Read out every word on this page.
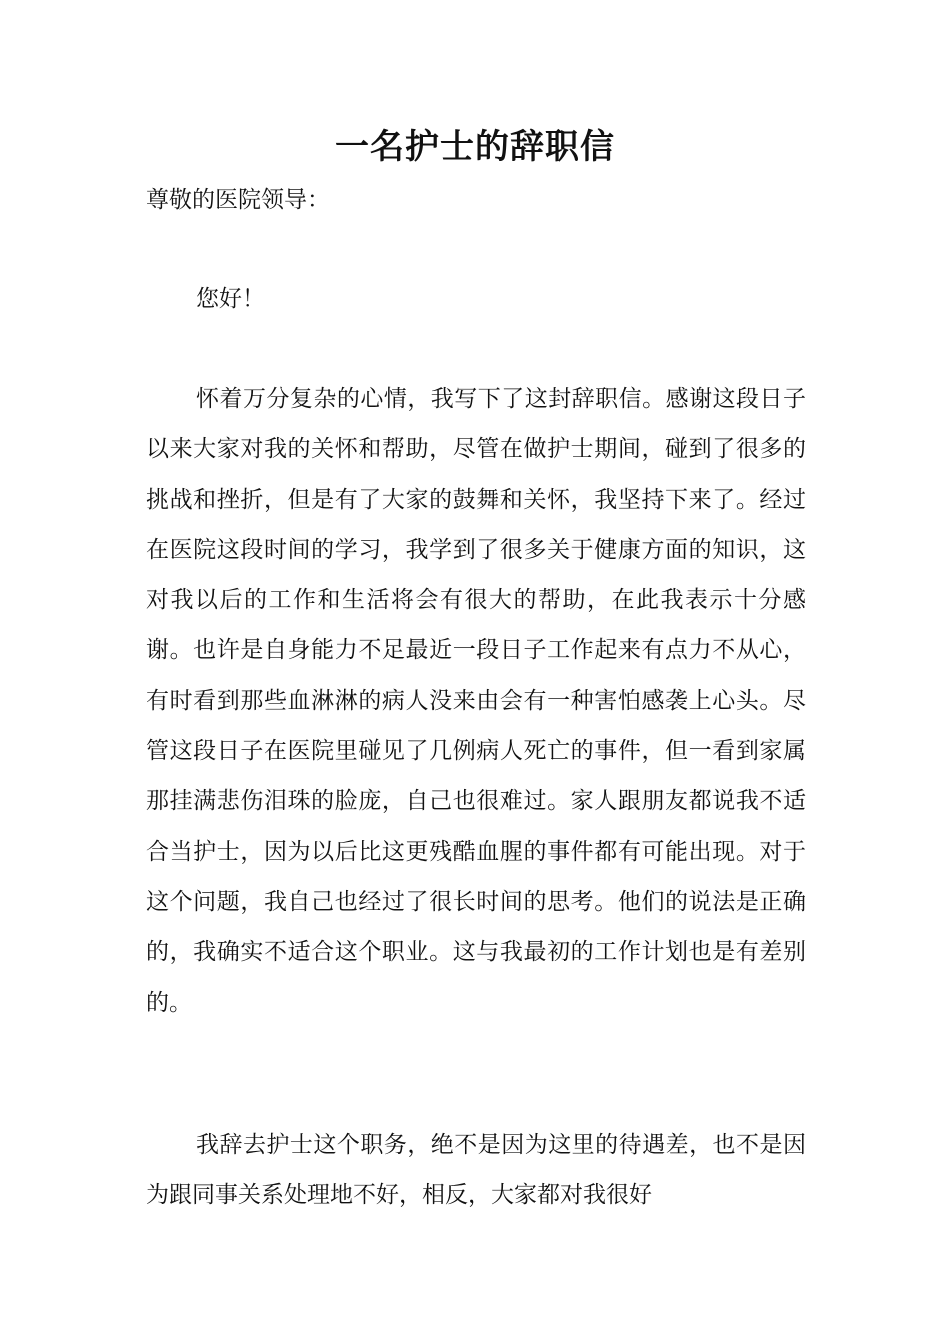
一名护士的辞职信

尊敬的医院领导：

您好！

怀着万分复杂的心情，我写下了这封辞职信。感谢这段日子以来大家对我的关怀和帮助，尽管在做护士期间，碰到了很多的挑战和挫折，但是有了大家的鼓舞和关怀，我坚持下来了。经过在医院这段时间的学习，我学到了很多关于健康方面的知识，这对我以后的工作和生活将会有很大的帮助，在此我表示十分感谢。也许是自身能力不足最近一段日子工作起来有点力不从心，有时看到那些血淋淋的病人没来由会有一种害怕感袭上心头。尽管这段日子在医院里碰见了几例病人死亡的事件，但一看到家属那挂满悲伤泪珠的脸庞，自己也很难过。家人跟朋友都说我不适合当护士，因为以后比这更残酷血腥的事件都有可能出现。对于这个问题，我自己也经过了很长时间的思考。他们的说法是正确的，我确实不适合这个职业。这与我最初的工作计划也是有差别的。

我辞去护士这个职务，绝不是因为这里的待遇差，也不是因为跟同事关系处理地不好，相反，大家都对我很好
